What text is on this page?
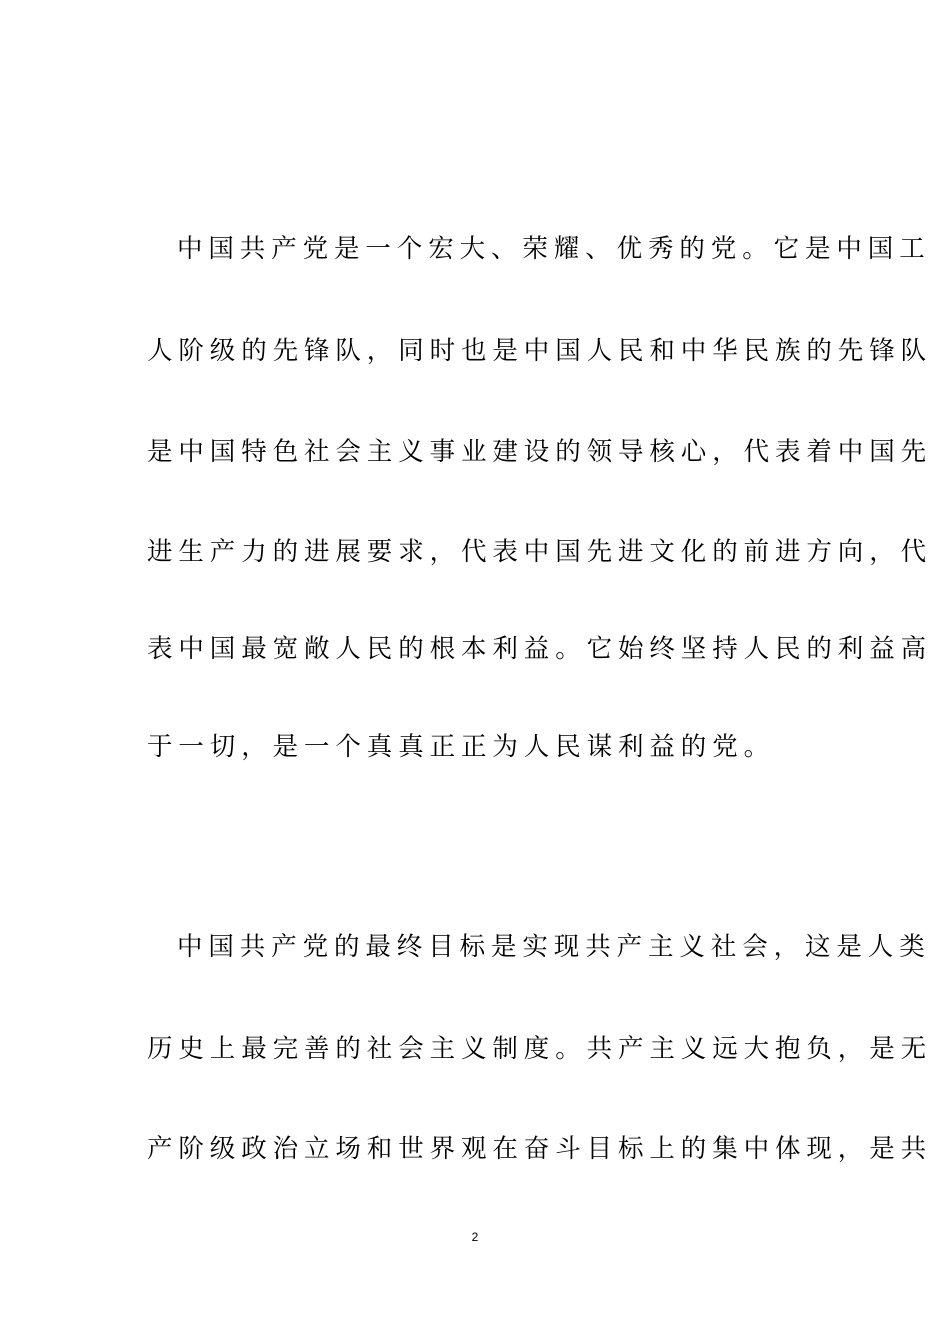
中国共产党是一个宏大、荣耀、优秀的党。它是中国工
人阶级的先锋队，同时也是中国人民和中华民族的先锋队
是中国特色社会主义事业建设的领导核心，代表着中国先
进生产力的进展要求，代表中国先进文化的前进方向，代
表中国最宽敞人民的根本利益。它始终坚持人民的利益高
于一切，是一个真真正正为人民谋利益的党。
中国共产党的最终目标是实现共产主义社会，这是人类
历史上最完善的社会主义制度。共产主义远大抱负，是无
产阶级政治立场和世界观在奋斗目标上的集中体现，是共
2
